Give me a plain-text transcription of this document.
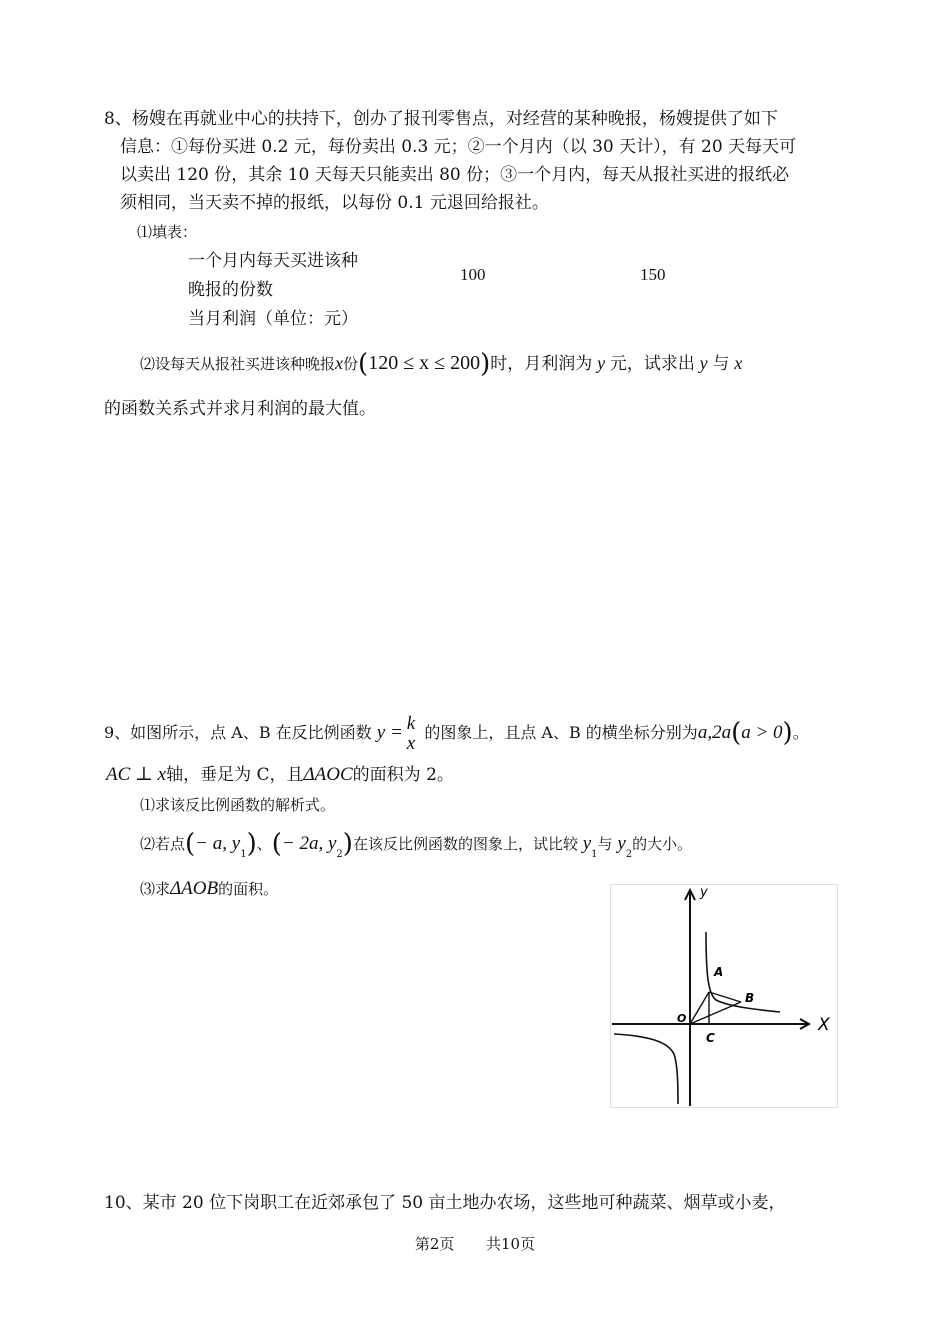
8、杨嫂在再就业中心的扶持下，创办了报刊零售点，对经营的某种晚报，杨嫂提供了如下
信息：①每份买进 0.2 元，每份卖出 0.3 元；②一个月内（以 30 天计），有 20 天每天可
以卖出 120 份，其余 10 天每天只能卖出 80 份；③一个月内，每天从报社买进的报纸必
须相同，当天卖不掉的报纸，以每份 0.1 元退回给报社。
⑴填表：
一个月内每天买进该种
晚报的份数
100	150
当月利润（单位：元）
⑵设每天从报社买进该种晚报x份(120 ≤ x ≤ 200)时，月利润为 y 元，试求出 y 与 x
的函数关系式并求月利润的最大值。
9、如图所示，点 A、B 在反比例函数 y = k
x 的图象上，且点 A、B 的横坐标分别为a,2a(a > 0)。
AC ⊥ x轴，垂足为 C，且ΔAOC的面积为 2。
⑴求该反比例函数的解析式。
⑵若点(− a, $y_1$)、(− 2a, $y_2$)在该反比例函数的图象上，试比较 $y_1$与 $y_2$的大小。
⑶求ΔAOB的面积。	y
X
O
A
B
C
10、某市 20 位下岗职工在近郊承包了 50 亩土地办农场，这些地可种蔬菜、烟草或小麦，
第2页 共10页
